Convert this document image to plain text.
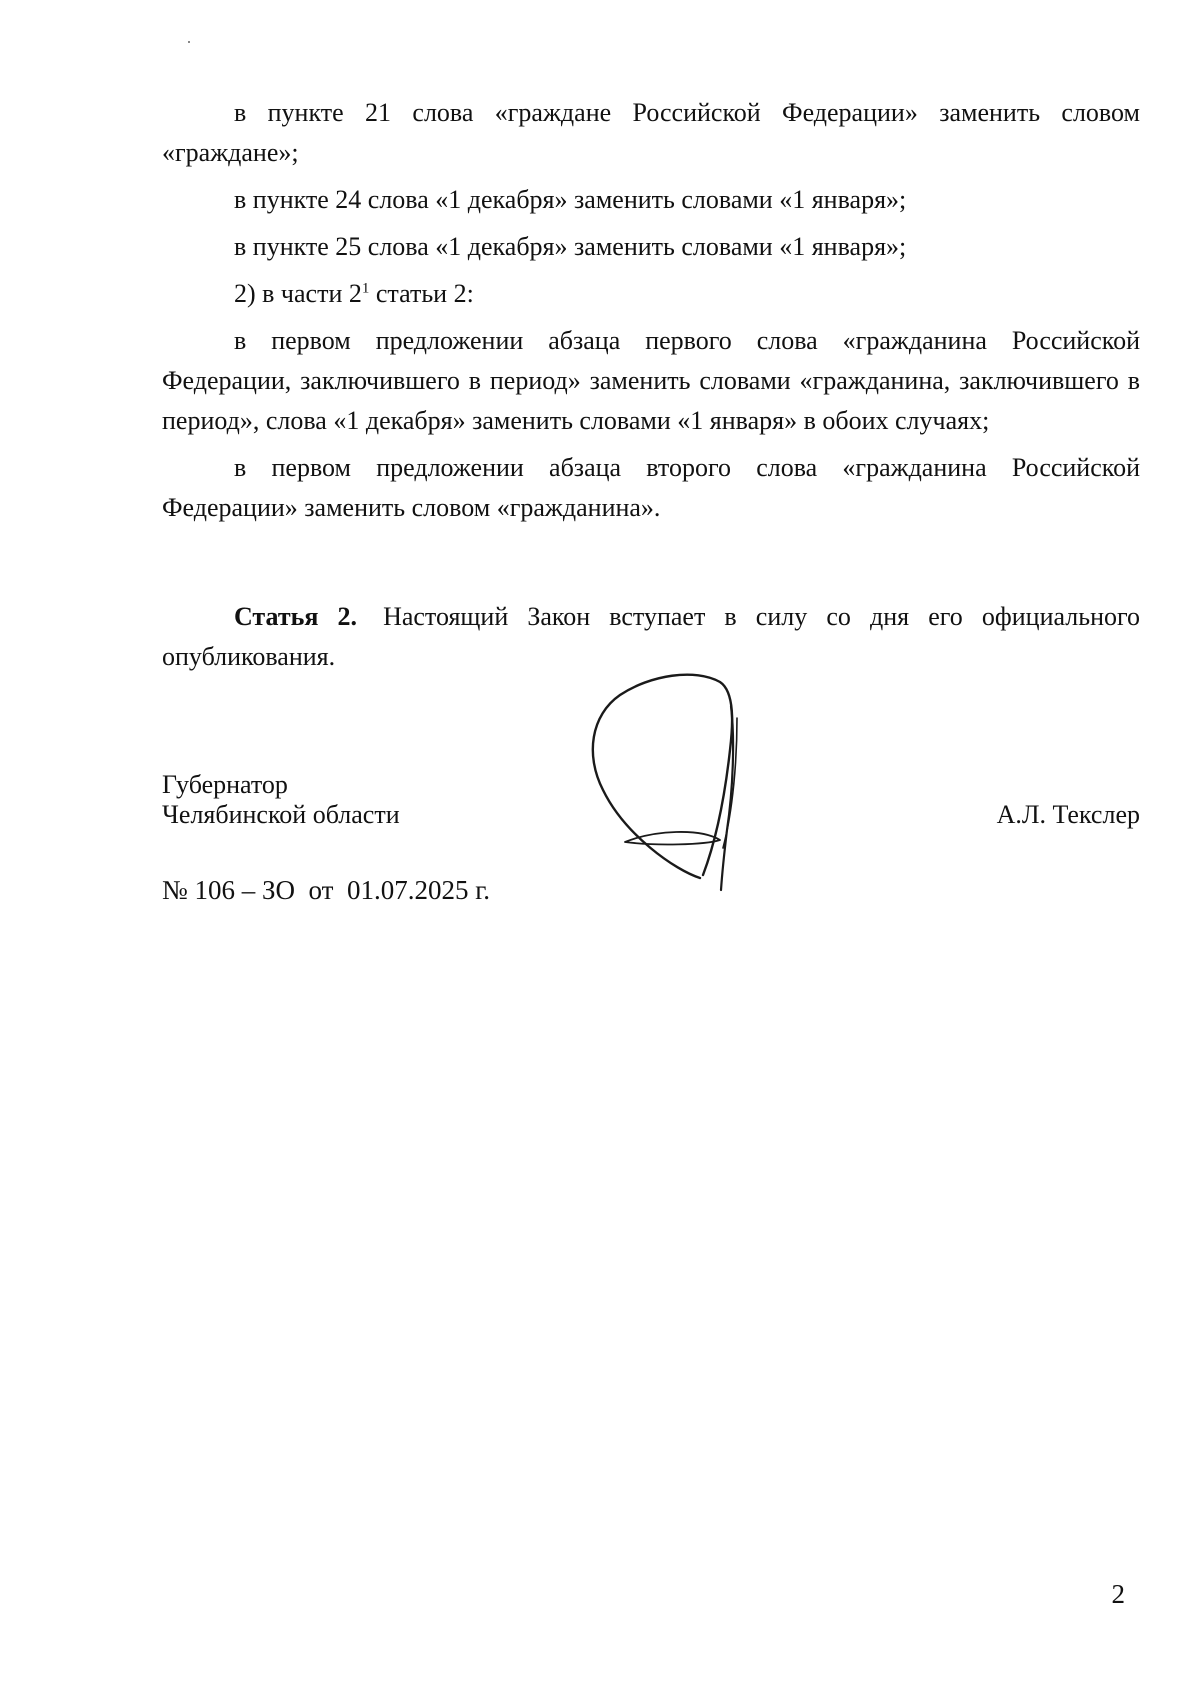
в пункте 21 слова «граждане Российской Федерации» заменить словом «граждане»;

в пункте 24 слова «1 декабря» заменить словами «1 января»;

в пункте 25 слова «1 декабря» заменить словами «1 января»;

2) в части $2^1$ статьи 2:

в первом предложении абзаца первого слова «гражданина Российской Федерации, заключившего в период» заменить словами «гражданина, заключившего в период», слова «1 декабря» заменить словами «1 января» в обоих случаях;

в первом предложении абзаца второго слова «гражданина Российской Федерации» заменить словом «гражданина».

Статья 2. Настоящий Закон вступает в силу со дня его официального опубликования.

Губернатор
Челябинской области	А.Л. Текслер
№ 106 – ЗО  от  01.07.2025 г.
2
